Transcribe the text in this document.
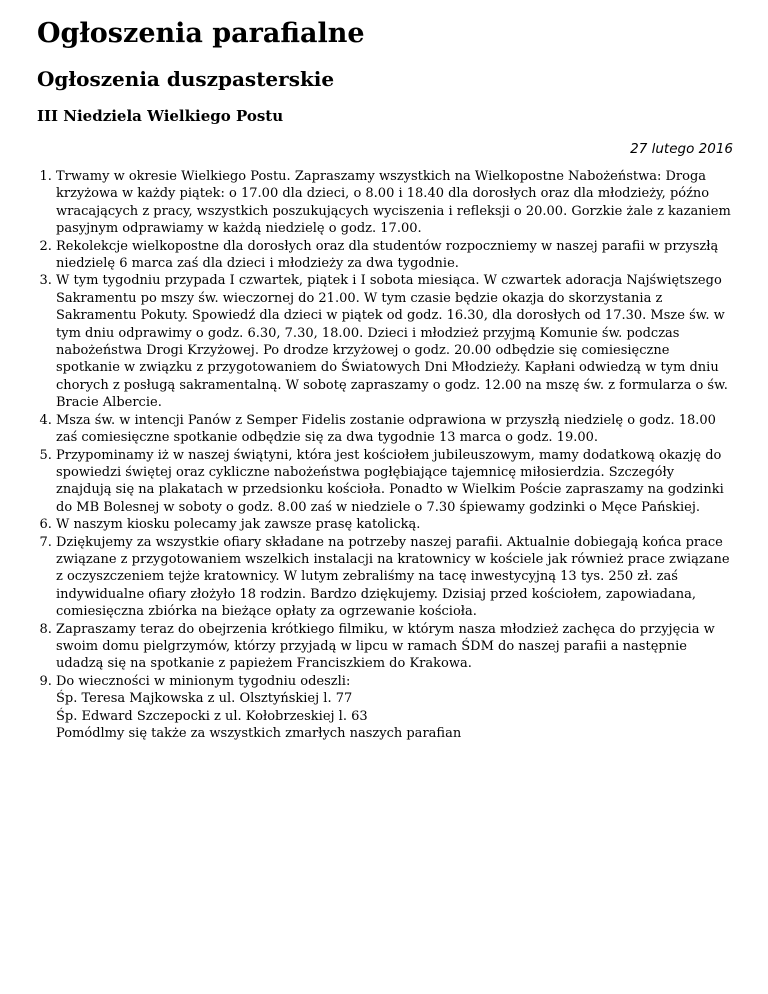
Ogłoszenia parafialne
Ogłoszenia duszpasterskie
III Niedziela Wielkiego Postu
27 lutego 2016
1. Trwamy w okresie Wielkiego Postu. Zapraszamy wszystkich na Wielkopostne Nabożeństwa: Droga krzyżowa w każdy piątek: o 17.00 dla dzieci, o 8.00 i 18.40 dla dorosłych oraz dla młodzieży, późno wracających z pracy, wszystkich poszukujących wyciszenia i refleksji o 20.00. Gorzkie żale z kazaniem pasyjnym odprawiamy w każdą niedzielę o godz. 17.00.
2. Rekolekcje wielkopostne dla dorosłych oraz dla studentów rozpoczniemy w naszej parafii w przyszłą niedzielę 6 marca zaś dla dzieci i młodzieży za dwa tygodnie.
3. W tym tygodniu przypada I czwartek, piątek i I sobota miesiąca. W czwartek adoracja Najświętszego Sakramentu po mszy św. wieczornej do 21.00. W tym czasie będzie okazja do skorzystania z Sakramentu Pokuty. Spowiedź dla dzieci w piątek od godz. 16.30, dla dorosłych od 17.30. Msze św. w tym dniu odprawimy o godz. 6.30, 7.30, 18.00. Dzieci i młodzież przyjmą Komunie św. podczas nabożeństwa Drogi Krzyżowej. Po drodze krzyżowej o godz. 20.00 odbędzie się comiesięczne spotkanie w związku z przygotowaniem do Światowych Dni Młodzieży. Kapłani odwiedzą w tym dniu chorych z posługą sakramentalną. W sobotę zapraszamy o godz. 12.00 na mszę św. z formularza o św. Bracie Albercie.
4. Msza św. w intencji Panów z Semper Fidelis zostanie odprawiona w przyszłą niedzielę o godz. 18.00 zaś comiesięczne spotkanie odbędzie się za dwa tygodnie 13 marca o godz. 19.00.
5. Przypominamy iż w naszej świątyni, która jest kościołem jubileuszowym, mamy dodatkową okazję do spowiedzi świętej oraz cykliczne nabożeństwa pogłębiające tajemnicę miłosierdzia. Szczegóły znajdują się na plakatach w przedsionku kościoła. Ponadto w Wielkim Poście zapraszamy na godzinki do MB Bolesnej w soboty o godz. 8.00 zaś w niedziele o 7.30 śpiewamy godzinki o Męce Pańskiej.
6. W naszym kiosku polecamy jak zawsze prasę katolicką.
7. Dziękujemy za wszystkie ofiary składane na potrzeby naszej parafii. Aktualnie dobiegają końca prace związane z przygotowaniem wszelkich instalacji na kratownicy w kościele jak również prace związane z oczyszczeniem tejże kratownicy. W lutym zebraliśmy na tacę inwestycyjną 13 tys. 250 zł. zaś indywidualne ofiary złożyło 18 rodzin. Bardzo dziękujemy. Dzisiaj przed kościołem, zapowiadana, comiesięczna zbiórka na bieżące opłaty za ogrzewanie kościoła.
8. Zapraszamy teraz do obejrzenia krótkiego filmiku, w którym nasza młodzież zachęca do przyjęcia w swoim domu pielgrzymów, którzy przyjadą w lipcu w ramach ŚDM do naszej parafii a następnie udadzą się na spotkanie z papieżem Franciszkiem do Krakowa.
9. Do wieczności w minionym tygodniu odeszli:
Śp. Teresa Majkowska z ul. Olsztyńskiej l. 77
Śp. Edward Szczepocki z ul. Kołobrzeskiej l. 63
Pomódlmy się także za wszystkich zmarłych naszych parafian
